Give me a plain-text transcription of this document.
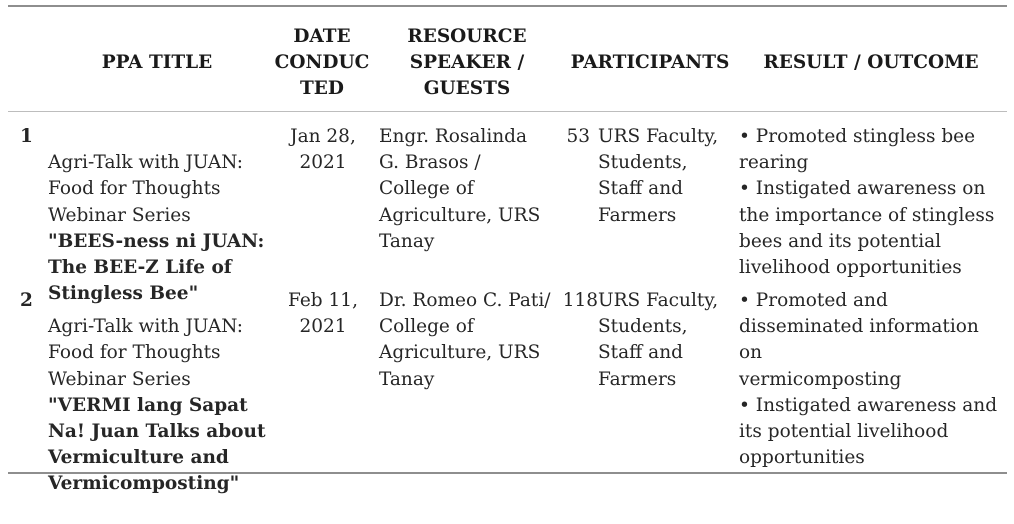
PPA TITLE
DATE
CONDUC
TED
RESOURCE
SPEAKER /
GUESTS
PARTICIPANTS	RESULT / OUTCOME
1

Agri-Talk with JUAN:
Food for Thoughts
Webinar Series

"BEES-ness ni JUAN:
The BEE-Z Life of
Stingless Bee"

Jan 28,
2021
Engr. Rosalinda
G. Brasos /
College of
Agriculture, URS
Tanay
53 URS Faculty,
Students,
Staff and
Farmers
• Promoted stingless bee
rearing
• Instigated awareness on
the importance of stingless
bees and its potential
livelihood opportunities
2

Agri-Talk with JUAN:
Food for Thoughts
Webinar Series

"VERMI lang Sapat
Na! Juan Talks about
Vermiculture and
Vermicomposting"

Feb 11,
2021
Dr. Romeo C. Pati/
College of
Agriculture, URS
Tanay
118 URS Faculty,
Students,
Staff and
Farmers
• Promoted and
disseminated information on
vermicomposting
• Instigated awareness and
its potential livelihood
opportunities
